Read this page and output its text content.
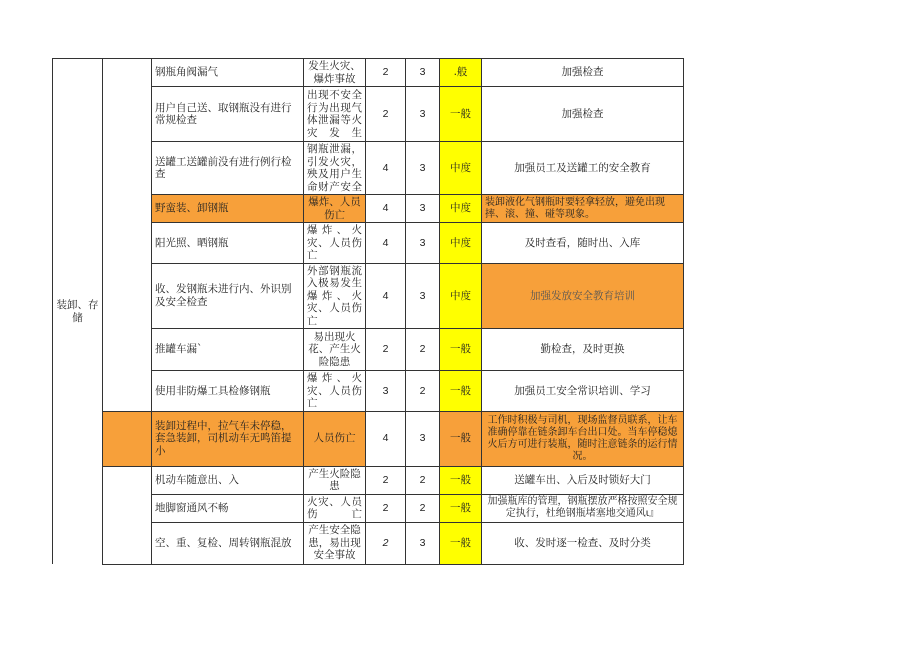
装卸、存储		钢瓶角阀漏气	发生火灾、爆炸事故	2	3	.般	加强检查
		用户自己送、取钢瓶没有进行常规检查	出现不安全行为出现气体泄漏等火灾发生	2	3	一般	加强检查
		送罐工送罐前没有进行例行检查	钢瓶泄漏，引发火灾，殃及用户生命财产安全	4	3	中度	加强员工及送罐工的安全教育
		野蛮装、卸钢瓶	爆炸、人员伤亡	4	3	中度	装卸液化气钢瓶时要轻拿轻放，避免出现摔、滚、撞、碰等现象。
		阳光照、晒钢瓶	爆炸、火灾、人员伤亡	4	3	中度	及时查看，随时出、入库
		收、发钢瓶未进行内、外识别及安全检查	外部钢瓶流入极易发生爆炸、火灾、人员伤亡	4	3	中度	加强发放安全教育培训
		推罐车漏`	易出现火花、产生火险隐患	2	2	一般	勤检查，及时更换
		使用非防爆工具检修钢瓶	爆炸、火灾、人员伤亡	3	2	一般	加强员工安全常识培训、学习
		装卸过程中，拉气车未停稳，套急装卸，司机动车无鸣笛提小	人员伤亡	4	3	一般	工作时积极与司机，现场监督员联系，让车准确停靠在链条卸车台出口处。当车停稳熄火后方可进行装瓶，随时注意链条的运行情况。
		机动车随意出、入	产生火险隐患	2	2	一般	送罐车出、入后及时锁好大门
		地脚窗通风不畅	火灾、人员伤亡	2	2	一般	加强瓶库的管理，钢瓶摆放严格按照安全规定执行，杜绝钢瓶堵塞地交通风ι』
		空、重、复检、周转钢瓶混放	产生安全隐患，易出现安全事故	2	3	一般	收、发时逐一检查、及时分类
